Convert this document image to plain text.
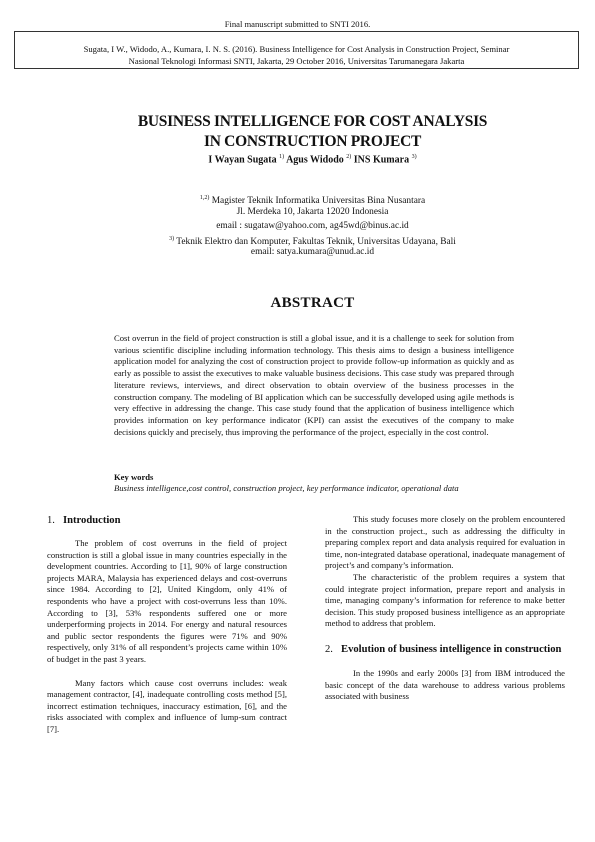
Final manuscript submitted to SNTI 2016.
Sugata, I W., Widodo, A., Kumara, I. N. S. (2016). Business Intelligence for Cost Analysis in Construction Project, Seminar
Nasional Teknologi Informasi SNTI, Jakarta, 29 October 2016, Universitas Tarumanegara Jakarta
BUSINESS INTELLIGENCE FOR COST ANALYSIS
IN CONSTRUCTION PROJECT
I Wayan Sugata $^{1)}$ Agus Widodo $^{2)}$ INS Kumara $^{3)}$
$^{1,2)}$ Magister Teknik Informatika Universitas Bina Nusantara
Jl. Merdeka 10, Jakarta 12020 Indonesia
email : sugataw@yahoo.com, ag45wd@binus.ac.id
$^{3)}$ Teknik Elektro dan Komputer, Fakultas Teknik, Universitas Udayana, Bali
email: satya.kumara@unud.ac.id
ABSTRACT
Cost overrun in the field of project construction is still a global issue, and it is a challenge to seek for solution from various scientific discipline including information technology. This thesis aims to design a business intelligence application model for analyzing the cost of construction project to provide follow-up information as quickly and as early as possible to assist the executives to make valuable business decisions. This case study was prepared through literature reviews, interviews, and direct observation to obtain overview of the business processes in the construction company. The modeling of BI application which can be successfully developed using agile methods is very effective in addressing the change. This case study found that the application of business intelligence which provides information on key performance indicator (KPI) can assist the executives of the company to make decisions quickly and precisely, thus improving the performance of the project, especially in the cost control.
Key words
Business intelligence,cost control, construction project, key performance indicator, operational data
1. Introduction

The problem of cost overruns in the field of project construction is still a global issue in many countries especially in the development countries. According to [1], 90% of large construction projects MARA, Malaysia has experienced delays and cost-overruns since 1984. According to [2], United Kingdom, only 41% of respondents who have a project with cost-overruns less than 10%. According to [3], 53% respondents suffered one or more underperforming projects in 2014. For energy and natural resources and public sector respondents the figures were 71% and 90% respectively, only 31% of all respondent’s projects came within 10% of budget in the past 3 years.

Many factors which cause cost overruns includes: weak management contractor, [4], inadequate controlling costs method [5], incorrect estimation techniques, inaccuracy estimation, [6], and the risks associated with complex and influence of lump-sum contract [7].

This study focuses more closely on the problem encountered in the construction project., such as addressing the difficulty in preparing complex report and data analysis required for evaluation in time, non-integrated database operational, inadequate management of project’s and company’s information.

The characteristic of the problem requires a system that could integrate project information, prepare report and analysis in time, managing company’s information for reference to make better decision. This study proposed business intelligence as an appropriate method to address that problem.

2. Evolution of business intelligence in construction

In the 1990s and early 2000s [3] from IBM introduced the basic concept of the data warehouse to address various problems associated with business
